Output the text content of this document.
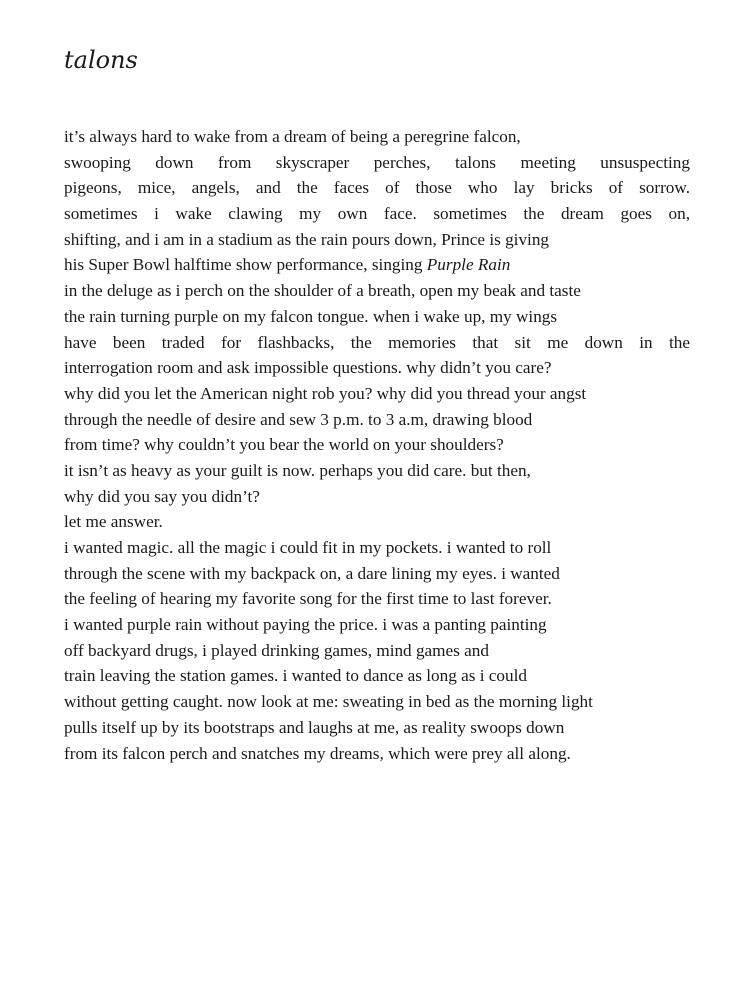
talons
it’s always hard to wake from a dream of being a peregrine falcon,
swooping down from skyscraper perches, talons meeting unsuspecting
pigeons, mice, angels, and the faces of those who lay bricks of sorrow.
sometimes i wake clawing my own face. sometimes the dream goes on,
shifting, and i am in a stadium as the rain pours down, Prince is giving
his Super Bowl halftime show performance, singing Purple Rain
in the deluge as i perch on the shoulder of a breath, open my beak and taste
the rain turning purple on my falcon tongue. when i wake up, my wings
have been traded for flashbacks, the memories that sit me down in the
interrogation room and ask impossible questions. why didn’t you care?
why did you let the American night rob you? why did you thread your angst
through the needle of desire and sew 3 p.m. to 3 a.m, drawing blood
from time? why couldn’t you bear the world on your shoulders?
it isn’t as heavy as your guilt is now. perhaps you did care. but then,
why did you say you didn’t?
let me answer.
i wanted magic. all the magic i could fit in my pockets. i wanted to roll
through the scene with my backpack on, a dare lining my eyes. i wanted
the feeling of hearing my favorite song for the first time to last forever.
i wanted purple rain without paying the price. i was a panting painting
off backyard drugs, i played drinking games, mind games and
train leaving the station games. i wanted to dance as long as i could
without getting caught. now look at me: sweating in bed as the morning light
pulls itself up by its bootstraps and laughs at me, as reality swoops down
from its falcon perch and snatches my dreams, which were prey all along.
